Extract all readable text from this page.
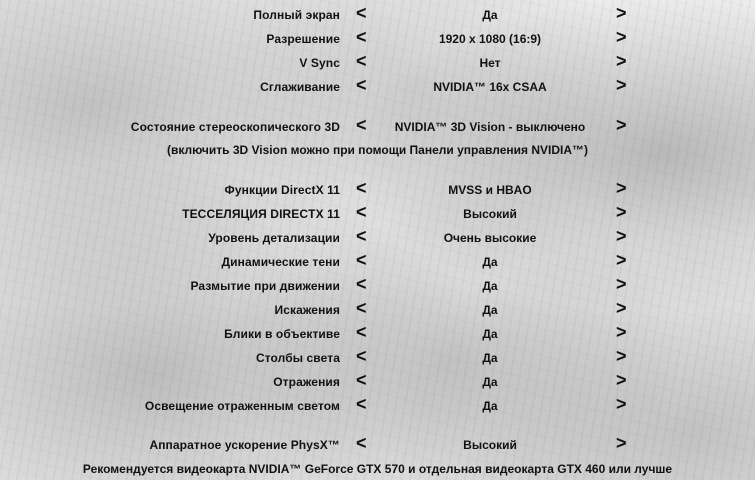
Полный экран <	Да	>
Разрешение <	1920 x 1080 (16:9)	>
V Sync <	Нет	>
Сглаживание <	NVIDIA™ 16x CSAA	>
Состояние стереоскопического 3D <	NVIDIA™ 3D Vision - выключено	>
(включить 3D Vision можно при помощи Панели управления NVIDIA™)
Функции DirectX 11 <	MVSS и HBAO	>
ТЕССЕЛЯЦИЯ DIRECTX 11 <	Высокий	>
Уровень детализации <	Очень высокие	>
Динамические тени <	Да	>
Размытие при движении <	Да	>
Искажения <	Да	>
Блики в объективе <	Да	>
Столбы света <	Да	>
Отражения <	Да	>
Освещение отраженным светом <	Да	>
Аппаратное ускорение PhysX™ <	Высокий	>
Рекомендуется видеокарта NVIDIA™ GeForce GTX 570 и отдельная видеокарта GTX 460 или лучше
